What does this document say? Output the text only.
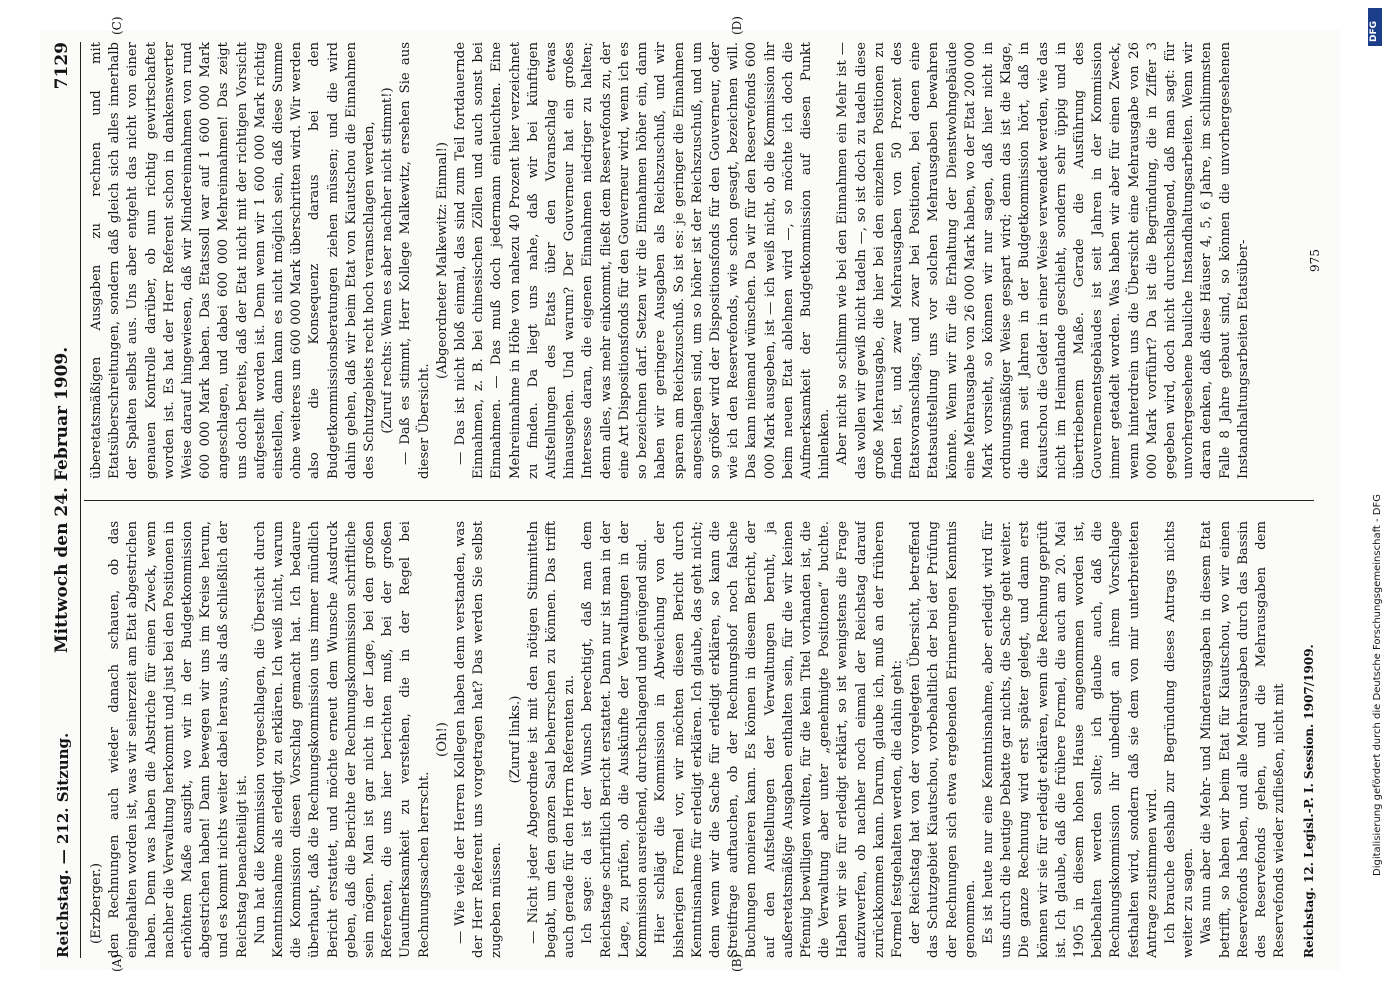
Reichstag. — 212. Sitzung.
Mittwoch den 24. Februar 1909.
7129

(Erzberger.) den Rechnungen auch wieder danach schauen, ob das eingehalten worden ist, was wir seinerzeit am Etat abgestrichen haben. Denn was haben die Abstriche für einen Zweck, wenn nachher die Verwaltung herkommt und just bei den Positionen in erhöhtem Maße ausgibt, wo wir in der Budgetkommission abgestrichen haben! Dann bewegen wir uns im Kreise herum, und es kommt nichts weiter dabei heraus, als daß schließlich der Reichstag benachteiligt ist. Nun hat die Kommission vorgeschlagen, die Übersicht durch Kenntnisnahme als erledigt zu erklären. Ich weiß nicht, warum die Kommission diesen Vorschlag gemacht hat. Ich bedaure überhaupt, daß die Rechnungskommission uns immer mündlich Bericht erstattet, und möchte erneut dem Wunsche Ausdruck geben, daß die Berichte der Rechnungskommission schriftliche sein mögen. Man ist gar nicht in der Lage, bei den großen Referenten, die uns hier berichten muß, bei der großen Unaufmerksamkeit zu verstehen, die in der Regel bei Rechnungssachen herrscht.

(Oh!) — Wie viele der Herren Kollegen haben denn verstanden, was der Herr Referent uns vorgetragen hat? Das werden Sie selbst zugeben müssen.

(Zuruf links.) — Nicht jeder Abgeordnete ist mit den nötigen Stimmitteln begabt, um den ganzen Saal beherrschen zu können. Das trifft auch gerade für den Herrn Referenten zu. Ich sage: da ist der Wunsch berechtigt, daß man dem Reichstage schriftlich Bericht erstattet. Dann nur ist man in der Lage, zu prüfen, ob die Auskünfte der Verwaltungen in der Kommission ausreichend, durchschlagend und genügend sind. Hier schlägt die Kommission in Abweichung von der bisherigen Formel vor, wir möchten diesen Bericht durch Kenntnisnahme für erledigt erklären. Ich glaube, das geht nicht; denn wenn wir die Sache für erledigt erklären, so kann die Streitfrage auftauchen, ob der Rechnungshof noch falsche Buchungen monieren kann. Es können in diesem Bericht, der auf den Aufstellungen der Verwaltungen beruht, ja außeretatsmäßige Ausgaben enthalten sein, für die wir keinen Pfennig bewilligen wollten, für die kein Titel vorhanden ist, die die Verwaltung aber unter „genehmigte Positionen“ buchte. Haben wir sie für erledigt erklärt, so ist wenigstens die Frage aufzuwerfen, ob nachher noch einmal der Reichstag darauf zurückkommen kann. Darum, glaube ich, muß an der früheren Formel festgehalten werden, die dahin geht: der Reichstag hat von der vorgelegten Übersicht, betreffend das Schutzgebiet Kiautschou, vorbehaltlich der bei der Prüfung der Rechnungen sich etwa ergebenden Erinnerungen Kenntnis genommen. Es ist heute nur eine Kenntnisnahme, aber erledigt wird für uns durch die heutige Debatte gar nichts, die Sache geht weiter. Die ganze Rechnung wird erst später gelegt, und dann erst können wir sie für erledigt erklären, wenn die Rechnung geprüft ist. Ich glaube, daß die frühere Formel, die auch am 20. Mai 1905 in diesem hohen Hause angenommen worden ist, beibehalten werden sollte; ich glaube auch, daß die Rechnungskommission ihr unbedingt an ihrem Vorschlage festhalten wird, sondern daß sie dem von mir unterbreiteten Antrage zustimmen wird. Ich brauche deshalb zur Begründung dieses Antrags nichts weiter zu sagen. Was nun aber die Mehr- und Minderausgaben in diesem Etat betrifft, so haben wir beim Etat für Kiautschou, wo wir einen Reservefonds haben, und alle Mehrausgaben durch das Bassin des Reservefonds gehen, und die Mehrausgaben dem Reservefonds wieder zufließen, nicht mit

überetatsmäßigen Ausgaben zu rechnen und mit Etatsüberschreitungen, sondern daß gleich sich alles innerhalb der Spalten selbst aus. Uns aber entgeht das nicht von einer genauen Kontrolle darüber, ob nun richtig gewirtschaftet worden ist. Es hat der Herr Referent schon in dankenswerter Weise darauf hingewiesen, daß wir Mindereinnahmen von rund 600 000 Mark haben. Das Etatssoll war auf 1 600 000 Mark angeschlagen, und dabei 600 000 Mehreinnahmen! Das zeigt uns doch bereits, daß der Etat nicht mit der richtigen Vorsicht aufgestellt worden ist. Denn wenn wir 1 600 000 Mark richtig einstellen, dann kann es nicht möglich sein, daß diese Summe ohne weiteres um 600 000 Mark überschritten wird. Wir werden also die Konsequenz daraus bei den Budgetkommissionsberatungen ziehen müssen; und die wird dahin gehen, daß wir beim Etat von Kiautschou die Einnahmen des Schutzgebiets recht hoch veranschlagen werden, (Zuruf rechts: Wenn es aber nachher nicht stimmt!) — Daß es stimmt, Herr Kollege Malkewitz, ersehen Sie aus dieser Übersicht.

(Abgeordneter Malkewitz: Einmal!) — Das ist nicht bloß einmal, das sind zum Teil fortdauernde Einnahmen, z. B. bei chinesischen Zöllen und auch sonst bei Einnahmen. — Das muß doch jedermann einleuchten. Eine Mehreinnahme in Höhe von nahezu 40 Prozent hier verzeichnet zu finden. Da liegt uns nahe, daß wir bei künftigen Aufstellungen des Etats über den Voranschlag etwas hinausgehen. Und warum? Der Gouverneur hat ein großes Interesse daran, die eigenen Einnahmen niedriger zu halten; denn alles, was mehr einkommt, fließt dem Reservefonds zu, der eine Art Dispositionsfonds für den Gouverneur wird, wenn ich es so bezeichnen darf. Setzen wir die Einnahmen höher ein, dann haben wir geringere Ausgaben als Reichszuschuß, und wir sparen am Reichszuschuß. So ist es: je geringer die Einnahmen angeschlagen sind, um so höher ist der Reichszuschuß, und um so größer wird der Dispositionsfonds für den Gouverneur, oder wie ich den Reservefonds, wie schon gesagt, bezeichnen will. Das kann niemand wünschen. Da wir für den Reservefonds 600 000 Mark ausgeben, ist — ich weiß nicht, ob die Kommission ihr beim neuen Etat ablehnen wird —, so möchte ich doch die Aufmerksamkeit der Budgetkommission auf diesen Punkt hinlenken. Aber nicht so schlimm wie bei den Einnahmen ein Mehr ist — das wollen wir gewiß nicht tadeln —, so ist doch zu tadeln diese große Mehrausgabe, die hier bei den einzelnen Positionen zu finden ist, und zwar Mehrausgaben von 50 Prozent des Etatsvoranschlags, und zwar bei Positionen, bei denen eine Etatsaufstellung uns vor solchen Mehrausgaben bewahren könnte. Wenn wir für die Erhaltung der Dienstwohngebäude eine Mehrausgabe von 26 000 Mark haben, wo der Etat 200 000 Mark vorsieht, so können wir nur sagen, daß hier nicht in ordnungsmäßiger Weise gespart wird; denn das ist die Klage, die man seit Jahren in der Budgetkommission hört, daß in Kiautschou die Gelder in einer Weise verwendet werden, wie das nicht im Heimatlande geschieht, sondern sehr üppig und in übertriebenem Maße. Gerade die Ausführung des Gouvernementsgebäudes ist seit Jahren in der Kommission immer getadelt worden. Was haben wir aber für einen Zweck, wenn hinterdrein uns die Übersicht eine Mehrausgabe von 26 000 Mark vorführt? Da ist die Begründung, die in Ziffer 3 gegeben wird, doch nicht durchschlagend, daß man sagt: für unvorhergesehene bauliche Instandhaltungsarbeiten. Wenn wir daran denken, daß diese Häuser 4, 5, 6 Jahre, im schlimmsten Falle 8 Jahre gebaut sind, so können die unvorhergesehenen Instandhaltungsarbeiten Etatsüber-

Reichstag. 12. Legisl.-P. I. Session. 1907/1909.
975
(A)	(B)
(C)	(D)	DFG
Digitalisierung gefördert durch die Deutsche Forschungsgemeinschaft - DFG
